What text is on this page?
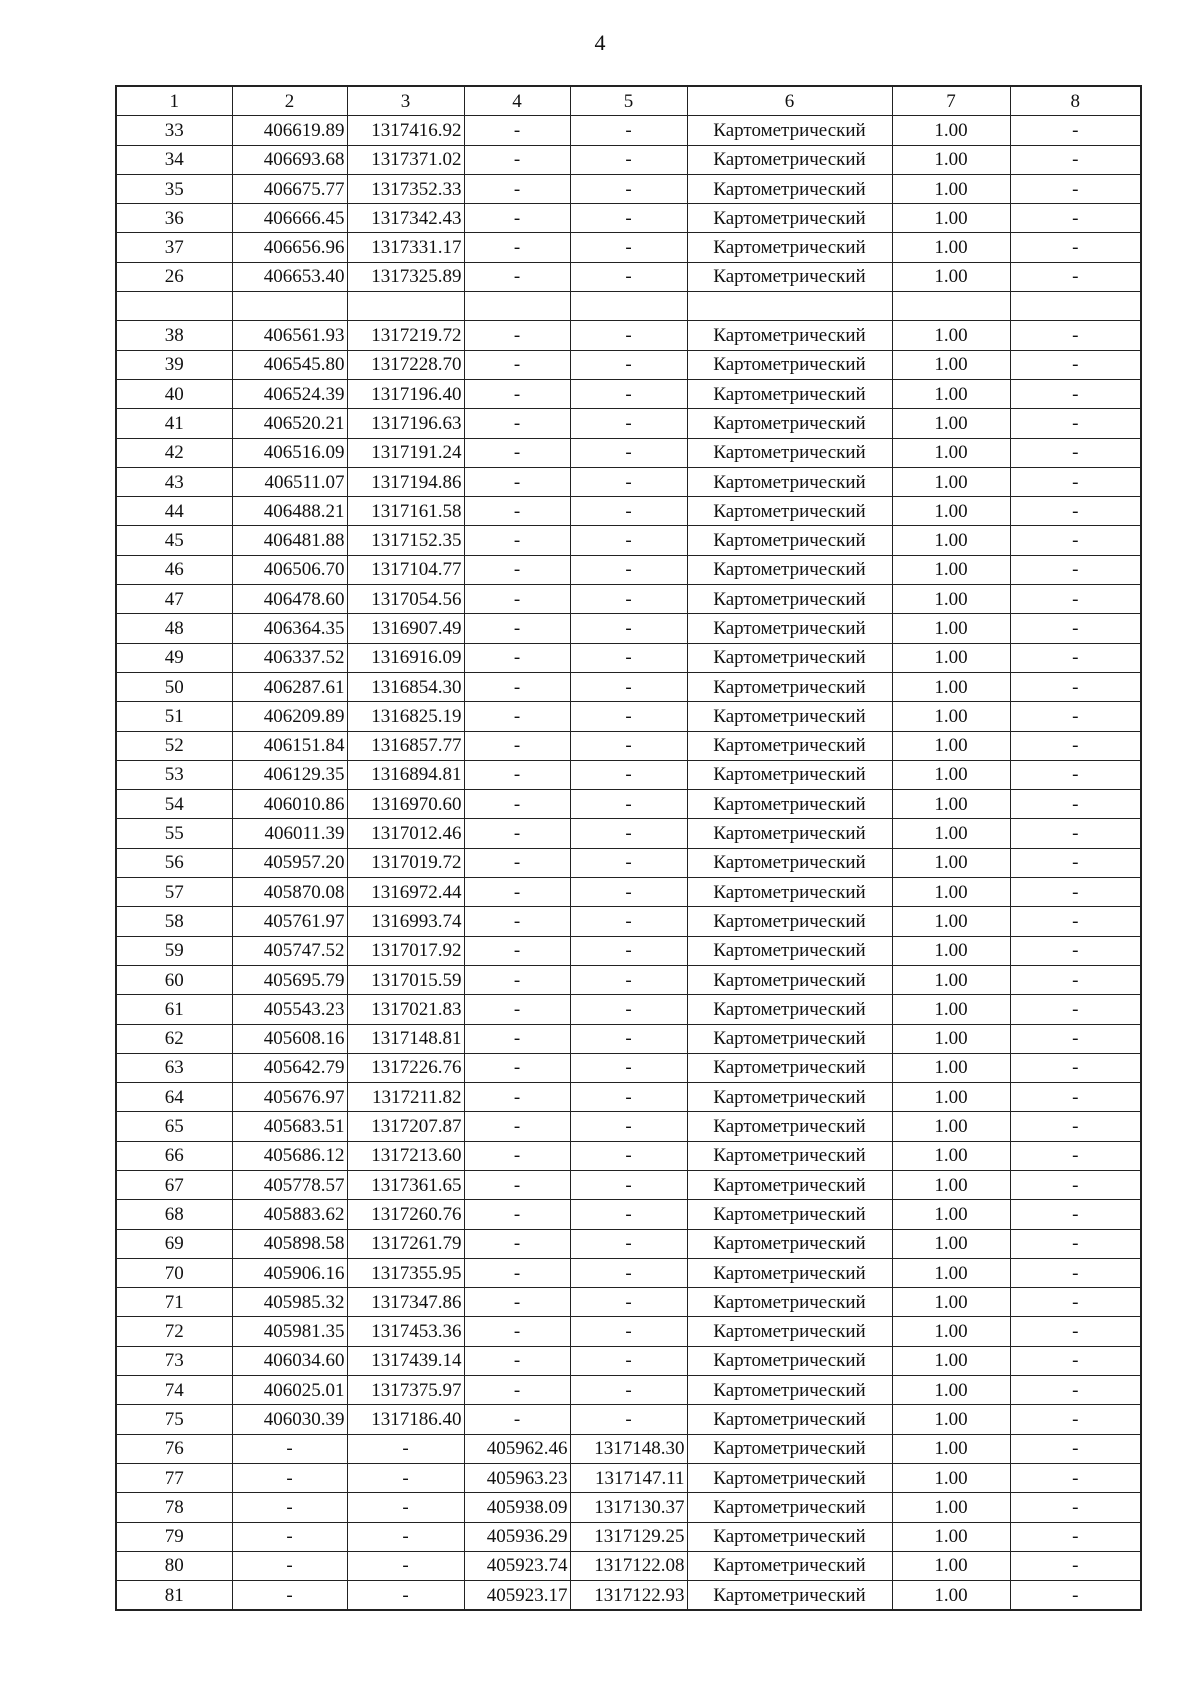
4
1	2	3	4	5	6	7	8
33	406619.89	1317416.92	-	-	Картометрический	1.00	-
34	406693.68	1317371.02	-	-	Картометрический	1.00	-
35	406675.77	1317352.33	-	-	Картометрический	1.00	-
36	406666.45	1317342.43	-	-	Картометрический	1.00	-
37	406656.96	1317331.17	-	-	Картометрический	1.00	-
26	406653.40	1317325.89	-	-	Картометрический	1.00	-

38	406561.93	1317219.72	-	-	Картометрический	1.00	-
39	406545.80	1317228.70	-	-	Картометрический	1.00	-
40	406524.39	1317196.40	-	-	Картометрический	1.00	-
41	406520.21	1317196.63	-	-	Картометрический	1.00	-
42	406516.09	1317191.24	-	-	Картометрический	1.00	-
43	406511.07	1317194.86	-	-	Картометрический	1.00	-
44	406488.21	1317161.58	-	-	Картометрический	1.00	-
45	406481.88	1317152.35	-	-	Картометрический	1.00	-
46	406506.70	1317104.77	-	-	Картометрический	1.00	-
47	406478.60	1317054.56	-	-	Картометрический	1.00	-
48	406364.35	1316907.49	-	-	Картометрический	1.00	-
49	406337.52	1316916.09	-	-	Картометрический	1.00	-
50	406287.61	1316854.30	-	-	Картометрический	1.00	-
51	406209.89	1316825.19	-	-	Картометрический	1.00	-
52	406151.84	1316857.77	-	-	Картометрический	1.00	-
53	406129.35	1316894.81	-	-	Картометрический	1.00	-
54	406010.86	1316970.60	-	-	Картометрический	1.00	-
55	406011.39	1317012.46	-	-	Картометрический	1.00	-
56	405957.20	1317019.72	-	-	Картометрический	1.00	-
57	405870.08	1316972.44	-	-	Картометрический	1.00	-
58	405761.97	1316993.74	-	-	Картометрический	1.00	-
59	405747.52	1317017.92	-	-	Картометрический	1.00	-
60	405695.79	1317015.59	-	-	Картометрический	1.00	-
61	405543.23	1317021.83	-	-	Картометрический	1.00	-
62	405608.16	1317148.81	-	-	Картометрический	1.00	-
63	405642.79	1317226.76	-	-	Картометрический	1.00	-
64	405676.97	1317211.82	-	-	Картометрический	1.00	-
65	405683.51	1317207.87	-	-	Картометрический	1.00	-
66	405686.12	1317213.60	-	-	Картометрический	1.00	-
67	405778.57	1317361.65	-	-	Картометрический	1.00	-
68	405883.62	1317260.76	-	-	Картометрический	1.00	-
69	405898.58	1317261.79	-	-	Картометрический	1.00	-
70	405906.16	1317355.95	-	-	Картометрический	1.00	-
71	405985.32	1317347.86	-	-	Картометрический	1.00	-
72	405981.35	1317453.36	-	-	Картометрический	1.00	-
73	406034.60	1317439.14	-	-	Картометрический	1.00	-
74	406025.01	1317375.97	-	-	Картометрический	1.00	-
75	406030.39	1317186.40	-	-	Картометрический	1.00	-
76	-	-	405962.46	1317148.30	Картометрический	1.00	-
77	-	-	405963.23	1317147.11	Картометрический	1.00	-
78	-	-	405938.09	1317130.37	Картометрический	1.00	-
79	-	-	405936.29	1317129.25	Картометрический	1.00	-
80	-	-	405923.74	1317122.08	Картометрический	1.00	-
81	-	-	405923.17	1317122.93	Картометрический	1.00	-
